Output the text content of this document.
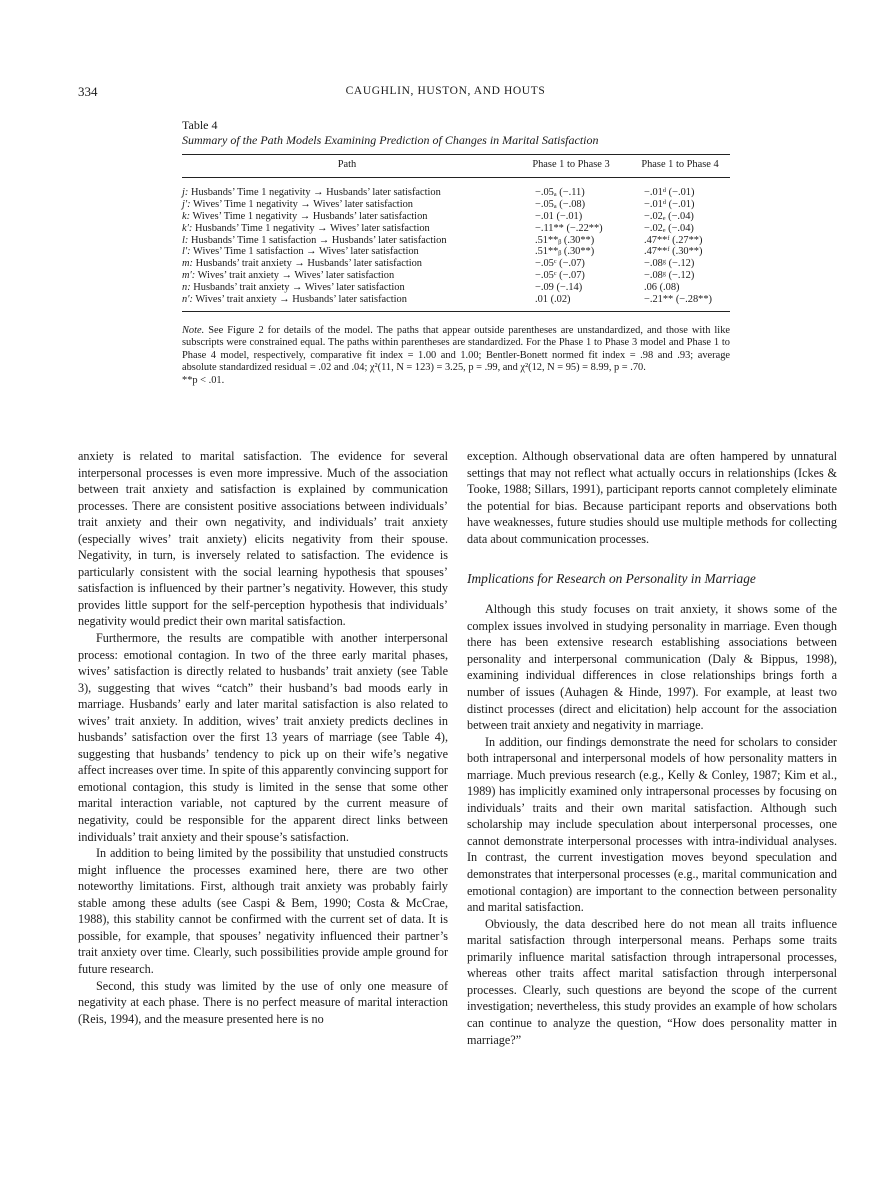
334	CAUGHLIN, HUSTON, AND HOUTS
Table 4
Summary of the Path Models Examining Prediction of Changes in Marital Satisfaction
Path	Phase 1 to Phase 3	Phase 1 to Phase 4
j: Husbands’ Time 1 negativity → Husbands’ later satisfaction	−.05ₐ (−.11)	−.01ᵈ (−.01)
j′: Wives’ Time 1 negativity → Wives’ later satisfaction	−.05ₐ (−.08)	−.01ᵈ (−.01)
k: Wives’ Time 1 negativity → Husbands’ later satisfaction	−.01 (−.01)	−.02ₑ (−.04)
k′: Husbands’ Time 1 negativity → Wives’ later satisfaction	−.11** (−.22**)	−.02ₑ (−.04)
l: Husbands’ Time 1 satisfaction → Husbands’ later satisfaction	.51**ᵦ (.30**)	.47**ᶠ (.27**)
l′: Wives’ Time 1 satisfaction → Wives’ later satisfaction	.51**ᵦ (.30**)	.47**ᶠ (.30**)
m: Husbands’ trait anxiety → Husbands’ later satisfaction	−.05ᶜ (−.07)	−.08ᵍ (−.12)
m′: Wives’ trait anxiety → Wives’ later satisfaction	−.05ᶜ (−.07)	−.08ᵍ (−.12)
n: Husbands’ trait anxiety → Wives’ later satisfaction	−.09 (−.14)	.06 (.08)
n′: Wives’ trait anxiety → Husbands’ later satisfaction	.01 (.02)	−.21** (−.28**)
Note. See Figure 2 for details of the model. The paths that appear outside parentheses are unstandardized, and those with like subscripts were constrained equal. The paths within parentheses are standardized. For the Phase 1 to Phase 3 model and Phase 1 to Phase 4 model, respectively, comparative fit index = 1.00 and 1.00; Bentler-Bonett normed fit index = .98 and .93; average absolute standardized residual = .02 and .04; χ²(11, N = 123) = 3.25, p = .99, and χ²(12, N = 95) = 8.99, p = .70.
**p < .01.

anxiety is related to marital satisfaction. The evidence for several interpersonal processes is even more impressive. Much of the association between trait anxiety and satisfaction is explained by communication processes. There are consistent positive associations between individuals’ trait anxiety and their own negativity, and individuals’ trait anxiety (especially wives’ trait anxiety) elicits negativity from their spouse. Negativity, in turn, is inversely related to satisfaction. The evidence is particularly consistent with the social learning hypothesis that spouses’ satisfaction is influenced by their partner’s negativity. However, this study provides little support for the self-perception hypothesis that individuals’ negativity would predict their own marital satisfaction.

Furthermore, the results are compatible with another interpersonal process: emotional contagion. In two of the three early marital phases, wives’ satisfaction is directly related to husbands’ trait anxiety (see Table 3), suggesting that wives “catch” their husband’s bad moods early in marriage. Husbands’ early and later marital satisfaction is also related to wives’ trait anxiety. In addition, wives’ trait anxiety predicts declines in husbands’ satisfaction over the first 13 years of marriage (see Table 4), suggesting that husbands’ tendency to pick up on their wife’s negative affect increases over time. In spite of this apparently convincing support for emotional contagion, this study is limited in the sense that some other marital interaction variable, not captured by the current measure of negativity, could be responsible for the apparent direct links between individuals’ trait anxiety and their spouse’s satisfaction.

In addition to being limited by the possibility that unstudied constructs might influence the processes examined here, there are two other noteworthy limitations. First, although trait anxiety was probably fairly stable among these adults (see Caspi & Bem, 1990; Costa & McCrae, 1988), this stability cannot be confirmed with the current set of data. It is possible, for example, that spouses’ negativity influenced their partner’s trait anxiety over time. Clearly, such possibilities provide ample ground for future research.

Second, this study was limited by the use of only one measure of negativity at each phase. There is no perfect measure of marital interaction (Reis, 1994), and the measure presented here is no

exception. Although observational data are often hampered by unnatural settings that may not reflect what actually occurs in relationships (Ickes & Tooke, 1988; Sillars, 1991), participant reports cannot completely eliminate the potential for bias. Because participant reports and observations both have weaknesses, future studies should use multiple methods for collecting data about communication processes.

Implications for Research on Personality in Marriage

Although this study focuses on trait anxiety, it shows some of the complex issues involved in studying personality in marriage. Even though there has been extensive research establishing associations between personality and interpersonal communication (Daly & Bippus, 1998), examining individual differences in close relationships brings forth a number of issues (Auhagen & Hinde, 1997). For example, at least two distinct processes (direct and elicitation) help account for the association between trait anxiety and negativity in marriage.

In addition, our findings demonstrate the need for scholars to consider both intrapersonal and interpersonal models of how personality matters in marriage. Much previous research (e.g., Kelly & Conley, 1987; Kim et al., 1989) has implicitly examined only intrapersonal processes by focusing on individuals’ traits and their own marital satisfaction. Although such scholarship may include speculation about interpersonal processes, one cannot demonstrate interpersonal processes with intra-individual analyses. In contrast, the current investigation moves beyond speculation and demonstrates that interpersonal processes (e.g., marital communication and emotional contagion) are important to the connection between personality and marital satisfaction.

Obviously, the data described here do not mean all traits influence marital satisfaction through interpersonal means. Perhaps some traits primarily influence marital satisfaction through intrapersonal processes, whereas other traits affect marital satisfaction through interpersonal processes. Clearly, such questions are beyond the scope of the current investigation; nevertheless, this study provides an example of how scholars can continue to analyze the question, “How does personality matter in marriage?”
